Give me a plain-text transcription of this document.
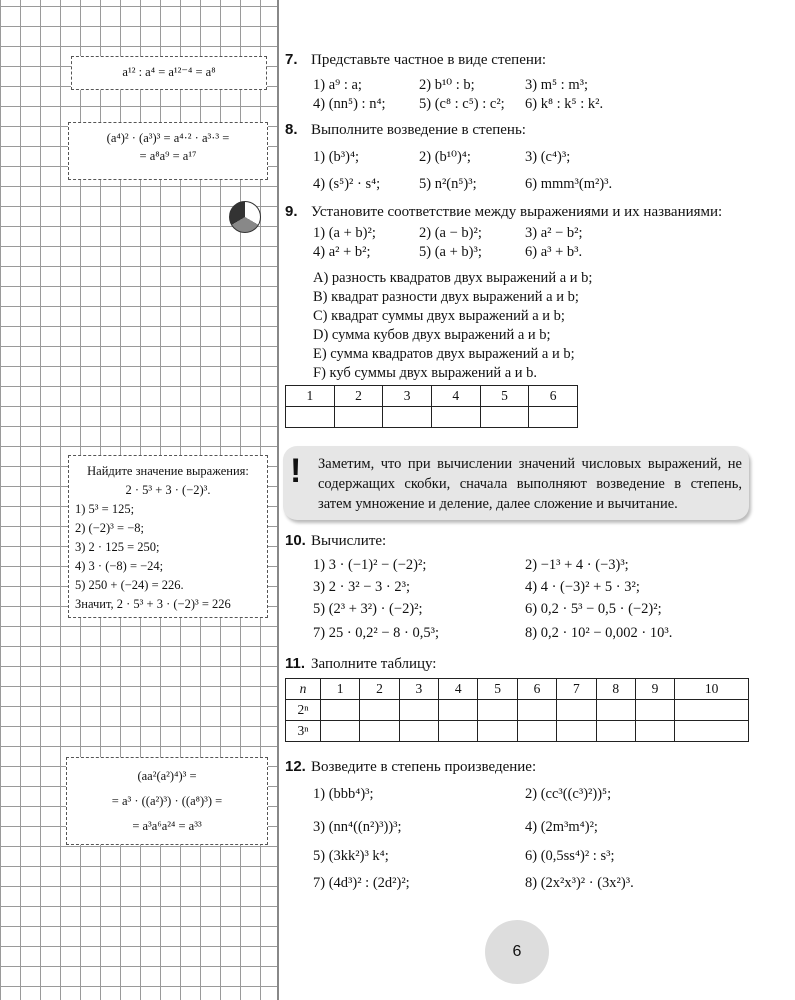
a¹² : a⁴ = a¹²⁻⁴ = a⁸
(a⁴)² · (a³)³ = a⁴·² · a³·³ =
= a⁸a⁹ = a¹⁷
Найдите значение выражения:
2 · 5³ + 3 · (−2)³.
1) 5³ = 125;
2) (−2)³ = −8;
3) 2 · 125 = 250;
4) 3 · (−8) = −24;
5) 250 + (−24) = 226.
Значит, 2 · 5³ + 3 · (−2)³ = 226
(aa²(a²)⁴)³ =
= a³ · ((a²)³) · ((a⁸)³) =
= a³a⁶a²⁴ = a³³
7. Представьте частное в виде степени:
1) a⁹ : a;	2) b¹⁰ : b;	3) m⁵ : m³;
4) (nn⁵) : n⁴; 5) (c⁸ : c⁵) : c²; 6) k⁸ : k⁵ : k².
8. Выполните возведение в степень:
1) (b³)⁴;	2) (b¹⁰)⁴;	3) (c⁴)³;
4) (s⁵)² · s⁴;	5) n²(n⁵)³;	6) mmm³(m²)³.
9. Установите соответствие между выражениями и их названиями:
1) (a + b)²;	2) (a − b)²;	3) a² − b²;
4) a² + b²;	5) (a + b)³;	6) a³ + b³.
A) разность квадратов двух выражений a и b;
B) квадрат разности двух выражений a и b;
C) квадрат суммы двух выражений a и b;
D) сумма кубов двух выражений a и b;
E) сумма квадратов двух выражений a и b;
F) куб суммы двух выражений a и b.
1	2	3	4	5	6

! Заметим, что при вычислении значений числовых выражений, не содержащих скобки, сначала выполняют возведение в степень, затем умножение и деление, далее сложение и вычитание.
10. Вычислите:
1) 3 · (−1)² − (−2)²;	2) −1³ + 4 · (−3)³;
3) 2 · 3² − 3 · 2³;	4) 4 · (−3)² + 5 · 3²;
5) (2³ + 3²) · (−2)²;	6) 0,2 · 5³ − 0,5 · (−2)²;
7) 25 · 0,2² − 8 · 0,5³;	8) 0,2 · 10² − 0,002 · 10³.
11. Заполните таблицу:
n	1	2	3	4	5	6	7	8	9	10
2ⁿ										
3ⁿ										
12. Возведите в степень произведение:
1) (bbb⁴)³;	2) (cc³((c³)²))⁵;
3) (nn⁴((n²)³))³;	4) (2m³m⁴)²;
5) (3kk²)³ k⁴;	6) (0,5ss⁴)² : s³;
7) (4d³)² : (2d²)²;	8) (2x²x³)² · (3x²)³.
6
